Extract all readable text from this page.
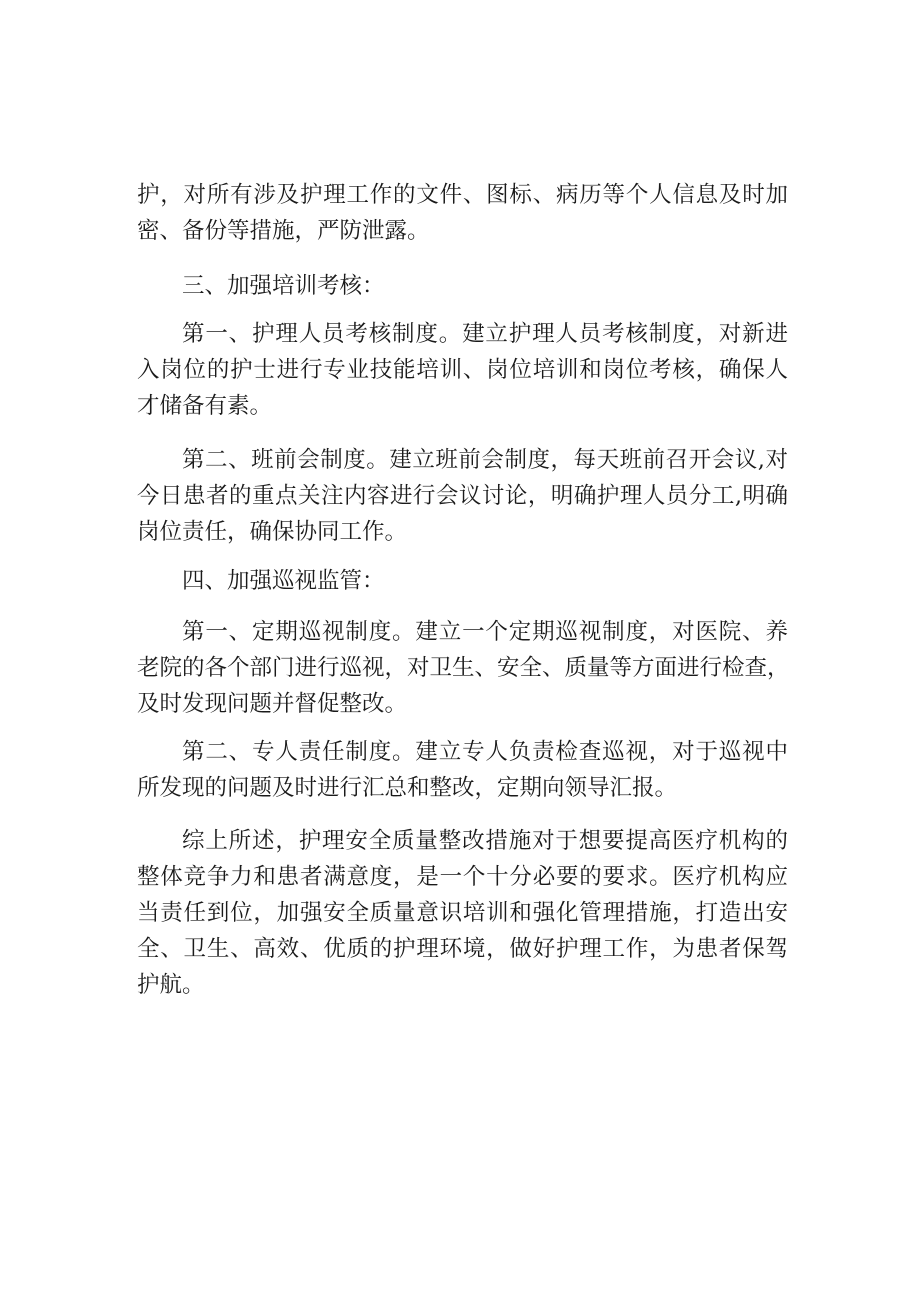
护，对所有涉及护理工作的文件、图标、病历等个人信息及时加
密、备份等措施，严防泄露。
三、加强培训考核：
第一、护理人员考核制度。建立护理人员考核制度，对新进
入岗位的护士进行专业技能培训、岗位培训和岗位考核，确保人
才储备有素。
第二、班前会制度。建立班前会制度，每天班前召开会议,对
今日患者的重点关注内容进行会议讨论，明确护理人员分工,明确
岗位责任，确保协同工作。
四、加强巡视监管：
第一、定期巡视制度。建立一个定期巡视制度，对医院、养
老院的各个部门进行巡视，对卫生、安全、质量等方面进行检查，
及时发现问题并督促整改。
第二、专人责任制度。建立专人负责检查巡视，对于巡视中
所发现的问题及时进行汇总和整改，定期向领导汇报。
综上所述，护理安全质量整改措施对于想要提高医疗机构的
整体竞争力和患者满意度，是一个十分必要的要求。医疗机构应
当责任到位，加强安全质量意识培训和强化管理措施，打造出安
全、卫生、高效、优质的护理环境，做好护理工作，为患者保驾
护航。
